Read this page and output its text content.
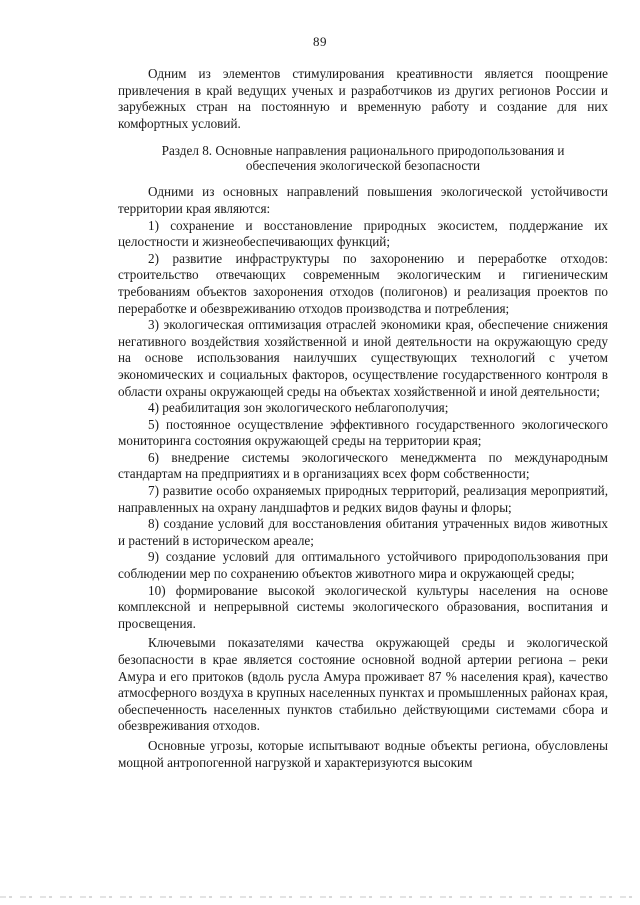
89

Одним из элементов стимулирования креативности является поощрение привлечения в край ведущих ученых и разработчиков из других регионов России и зарубежных стран на постоянную и временную работу и создание для них комфортных условий.

Раздел 8. Основные направления рационального природопользования и
обеспечения экологической безопасности

Одними из основных направлений повышения экологической устойчивости территории края являются:

1) сохранение и восстановление природных экосистем, поддержание их целостности и жизнеобеспечивающих функций;

2) развитие инфраструктуры по захоронению и переработке отходов: строительство отвечающих современным экологическим и гигиеническим требованиям объектов захоронения отходов (полигонов) и реализация проектов по переработке и обезвреживанию отходов производства и потребления;

3) экологическая оптимизация отраслей экономики края, обеспечение снижения негативного воздействия хозяйственной и иной деятельности на окружающую среду на основе использования наилучших существующих технологий с учетом экономических и социальных факторов, осуществление государственного контроля в области охраны окружающей среды на объектах хозяйственной и иной деятельности;

4) реабилитация зон экологического неблагополучия;

5) постоянное осуществление эффективного государственного экологического мониторинга состояния окружающей среды на территории края;

6) внедрение системы экологического менеджмента по международным стандартам на предприятиях и в организациях всех форм собственности;

7) развитие особо охраняемых природных территорий, реализация мероприятий, направленных на охрану ландшафтов и редких видов фауны и флоры;

8) создание условий для восстановления обитания утраченных видов животных и растений в историческом ареале;

9) создание условий для оптимального устойчивого природопользования при соблюдении мер по сохранению объектов животного мира и окружающей среды;

10) формирование высокой экологической культуры населения на основе комплексной и непрерывной системы экологического образования, воспитания и просвещения.

Ключевыми показателями качества окружающей среды и экологической безопасности в крае является состояние основной водной артерии региона – реки Амура и его притоков (вдоль русла Амура проживает 87 % населения края), качество атмосферного воздуха в крупных населенных пунктах и промышленных районах края, обеспеченность населенных пунктов стабильно действующими системами сбора и обезвреживания отходов.

Основные угрозы, которые испытывают водные объекты региона, обусловлены мощной антропогенной нагрузкой и характеризуются высоким
